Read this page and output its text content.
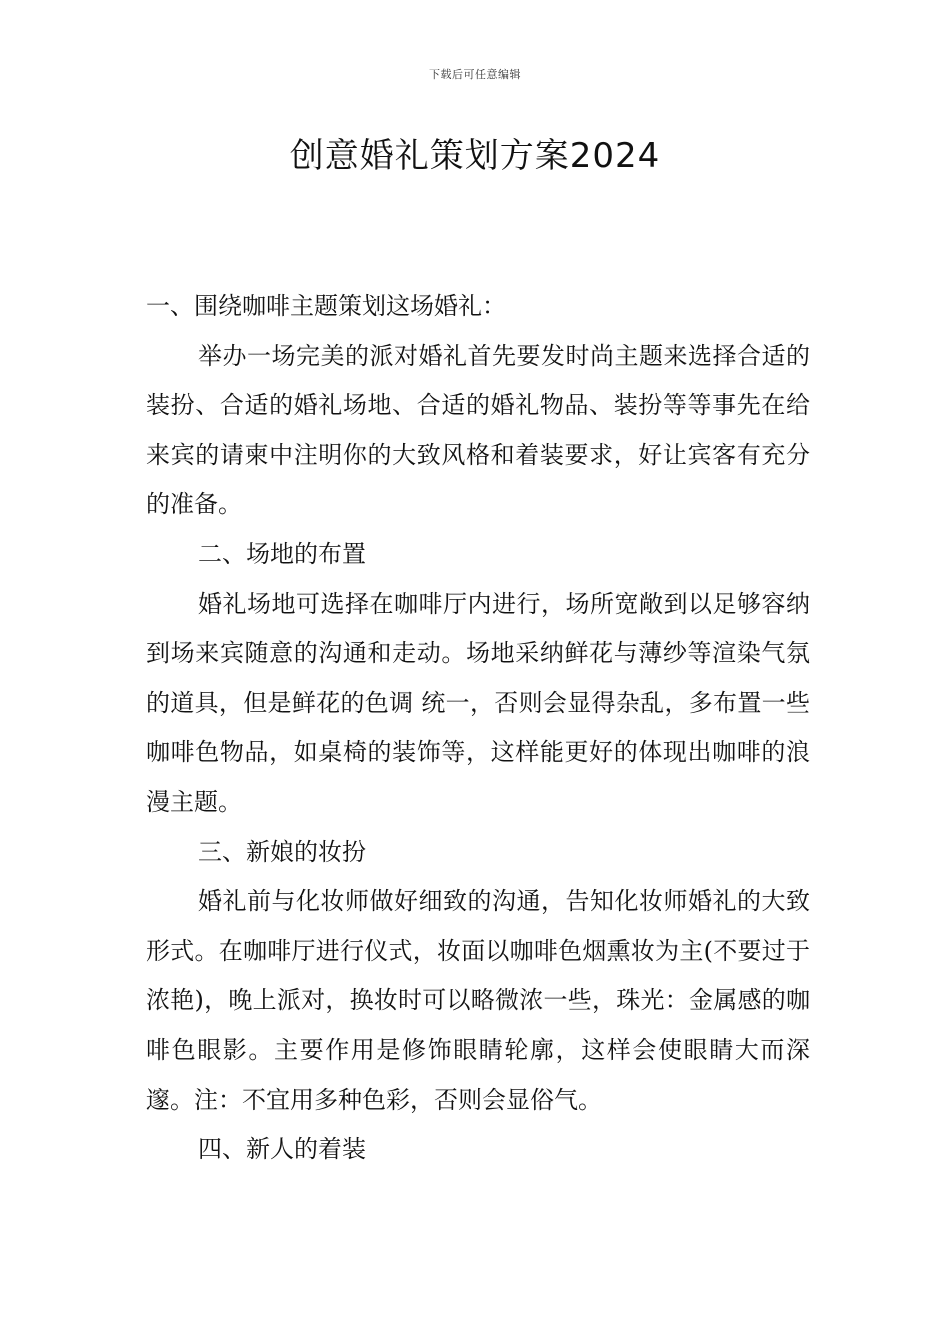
下载后可任意编辑
创意婚礼策划方案2024

一、围绕咖啡主题策划这场婚礼：

举办一场完美的派对婚礼首先要发时尚主题来选择合适的装扮、合适的婚礼场地、合适的婚礼物品、装扮等等事先在给来宾的请柬中注明你的大致风格和着装要求，好让宾客有充分的准备。

二、场地的布置

婚礼场地可选择在咖啡厅内进行，场所宽敞到以足够容纳到场来宾随意的沟通和走动。场地采纳鲜花与薄纱等渲染气氛的道具，但是鲜花的色调 统一，否则会显得杂乱，多布置一些咖啡色物品，如桌椅的装饰等，这样能更好的体现出咖啡的浪漫主题。

三、新娘的妆扮

婚礼前与化妆师做好细致的沟通，告知化妆师婚礼的大致形式。在咖啡厅进行仪式，妆面以咖啡色烟熏妆为主(不要过于浓艳)，晚上派对，换妆时可以略微浓一些，珠光：金属感的咖啡色眼影。主要作用是修饰眼睛轮廓，这样会使眼睛大而深邃。注：不宜用多种色彩，否则会显俗气。

四、新人的着装
